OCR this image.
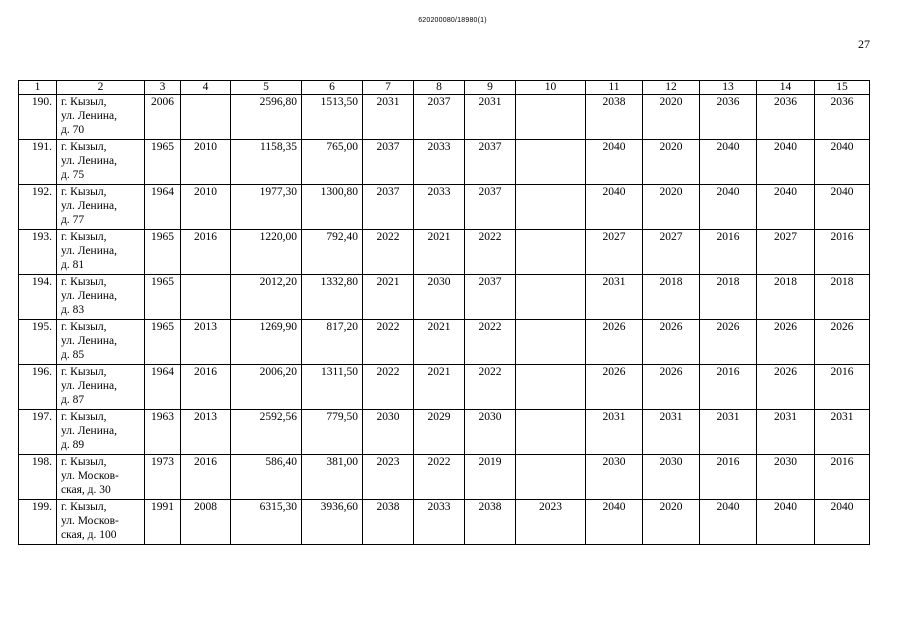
620200080/18980(1)
27
1	2	3	4	5	6	7	8	9	10	11	12	13	14	15
190.	г. Кызыл,
ул. Ленина,
д. 70	2006		2596,80	1513,50	2031	2037	2031		2038	2020	2036	2036	2036
191.	г. Кызыл,
ул. Ленина,
д. 75	1965	2010	1158,35	765,00	2037	2033	2037		2040	2020	2040	2040	2040
192.	г. Кызыл,
ул. Ленина,
д. 77	1964	2010	1977,30	1300,80	2037	2033	2037		2040	2020	2040	2040	2040
193.	г. Кызыл,
ул. Ленина,
д. 81	1965	2016	1220,00	792,40	2022	2021	2022		2027	2027	2016	2027	2016
194.	г. Кызыл,
ул. Ленина,
д. 83	1965		2012,20	1332,80	2021	2030	2037		2031	2018	2018	2018	2018
195.	г. Кызыл,
ул. Ленина,
д. 85	1965	2013	1269,90	817,20	2022	2021	2022		2026	2026	2026	2026	2026
196.	г. Кызыл,
ул. Ленина,
д. 87	1964	2016	2006,20	1311,50	2022	2021	2022		2026	2026	2016	2026	2016
197.	г. Кызыл,
ул. Ленина,
д. 89	1963	2013	2592,56	779,50	2030	2029	2030		2031	2031	2031	2031	2031
198.	г. Кызыл,
ул. Москов-
ская, д. 30	1973	2016	586,40	381,00	2023	2022	2019		2030	2030	2016	2030	2016
199.	г. Кызыл,
ул. Москов-
ская, д. 100	1991	2008	6315,30	3936,60	2038	2033	2038	2023	2040	2020	2040	2040	2040
